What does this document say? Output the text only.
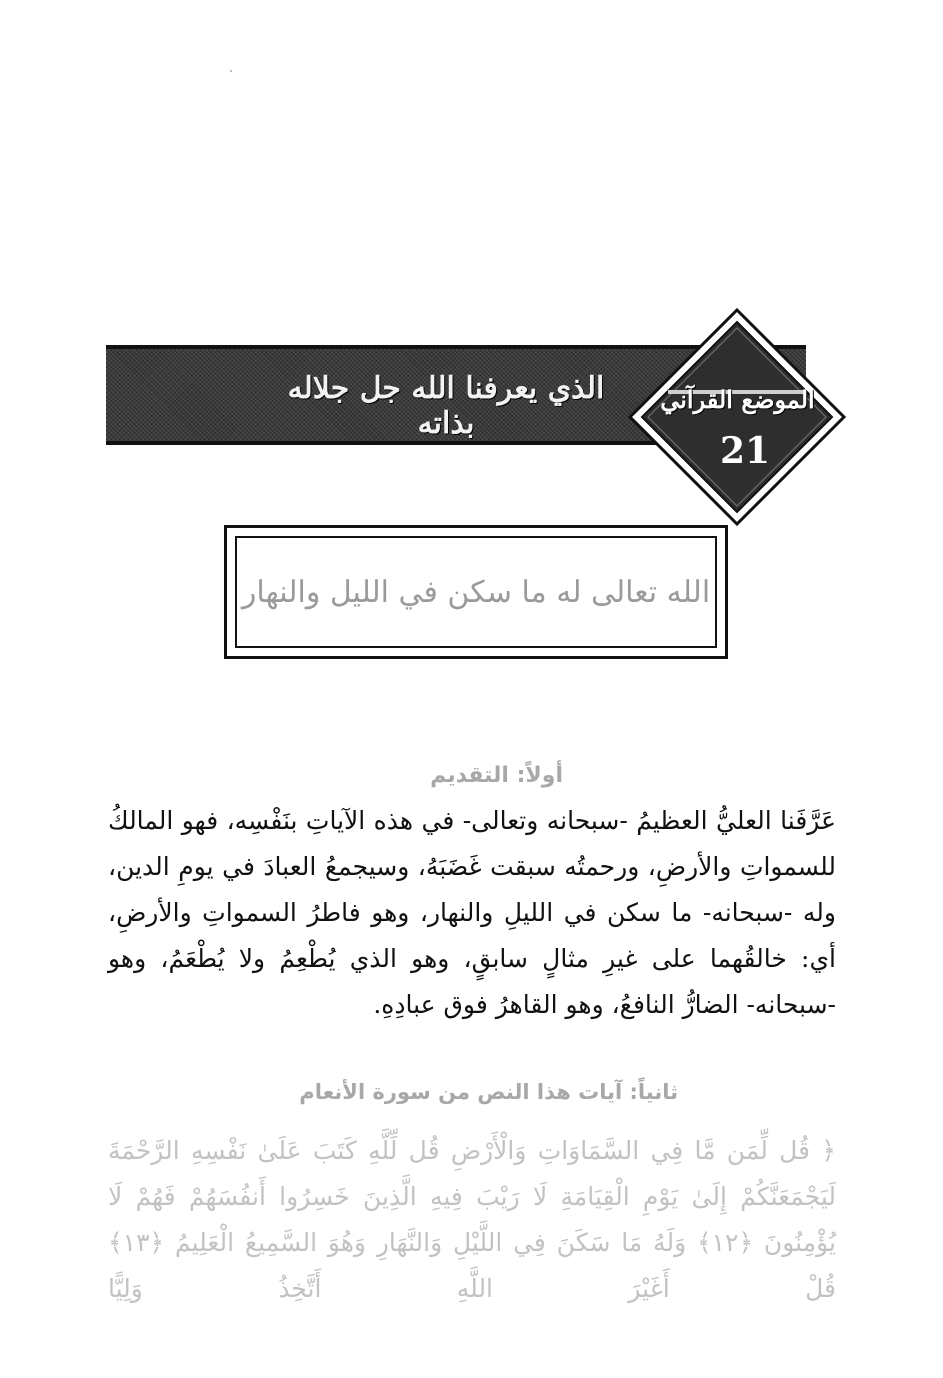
الذي يعرفنا الله جل جلاله بذاته
الموضع القرآني
21
الله تعالى له ما سكن في الليل والنهار
أولاً: التقديم
عَرَّفَنا العليُّ العظيمُ -سبحانه وتعالى- في هذه الآياتِ بنَفْسِه، فهو المالكُ للسمواتِ والأرضِ، ورحمتُه سبقت غَضَبَهُ، وسيجمعُ العبادَ في يومِ الدين، وله -سبحانه- ما سكن في الليلِ والنهار، وهو فاطرُ السمواتِ والأرضِ، أي: خالقُهما على غيرِ مثالٍ سابقٍ، وهو الذي يُطْعِمُ ولا يُطْعَمُ، وهو -سبحانه- الضارُّ النافعُ، وهو القاهرُ فوق عبادِهِ.
ثانياً: آيات هذا النص من سورة الأنعام
﴿ قُل لِّمَن مَّا فِي السَّمَاوَاتِ وَالْأَرْضِ قُل لِّلَّهِ كَتَبَ عَلَىٰ نَفْسِهِ الرَّحْمَةَ لَيَجْمَعَنَّكُمْ إِلَىٰ يَوْمِ الْقِيَامَةِ لَا رَيْبَ فِيهِ الَّذِينَ خَسِرُوا أَنفُسَهُمْ فَهُمْ لَا يُؤْمِنُونَ ﴿١٢﴾ وَلَهُ مَا سَكَنَ فِي اللَّيْلِ وَالنَّهَارِ وَهُوَ السَّمِيعُ الْعَلِيمُ ﴿١٣﴾ قُلْ أَغَيْرَ اللَّهِ أَتَّخِذُ وَلِيًّا
